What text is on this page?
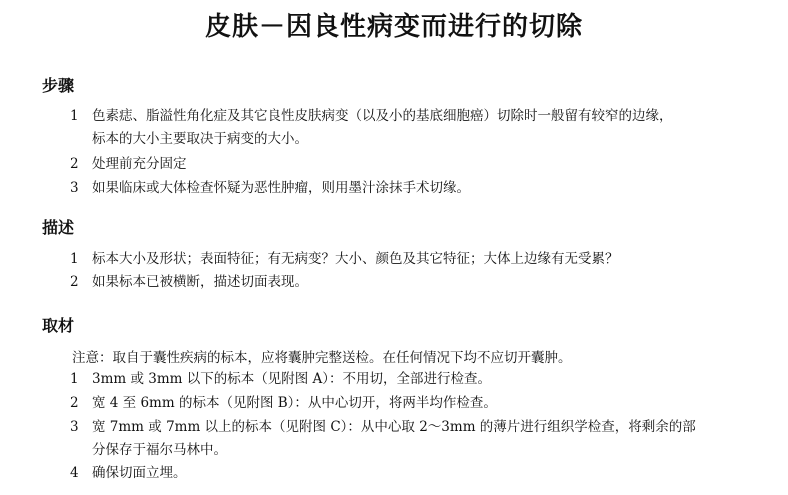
皮肤－因良性病变而进行的切除
步骤
1 色素痣、脂溢性角化症及其它良性皮肤病变（以及小的基底细胞癌）切除时一般留有较窄的边缘，
标本的大小主要取决于病变的大小。
2 处理前充分固定
3 如果临床或大体检查怀疑为恶性肿瘤，则用墨汁涂抹手术切缘。
描述
1 标本大小及形状；表面特征；有无病变？大小、颜色及其它特征；大体上边缘有无受累？
2 如果标本已被横断，描述切面表现。
取材
注意：取自于囊性疾病的标本，应将囊肿完整送检。在任何情况下均不应切开囊肿。
1 3mm 或 3mm 以下的标本（见附图 A）：不用切，全部进行检查。
2 宽 4 至 6mm 的标本（见附图 B）：从中心切开，将两半均作检查。
3 宽 7mm 或 7mm 以上的标本（见附图 C）：从中心取 2～3mm 的薄片进行组织学检查，将剩余的部
分保存于福尔马林中。
4 确保切面立埋。
